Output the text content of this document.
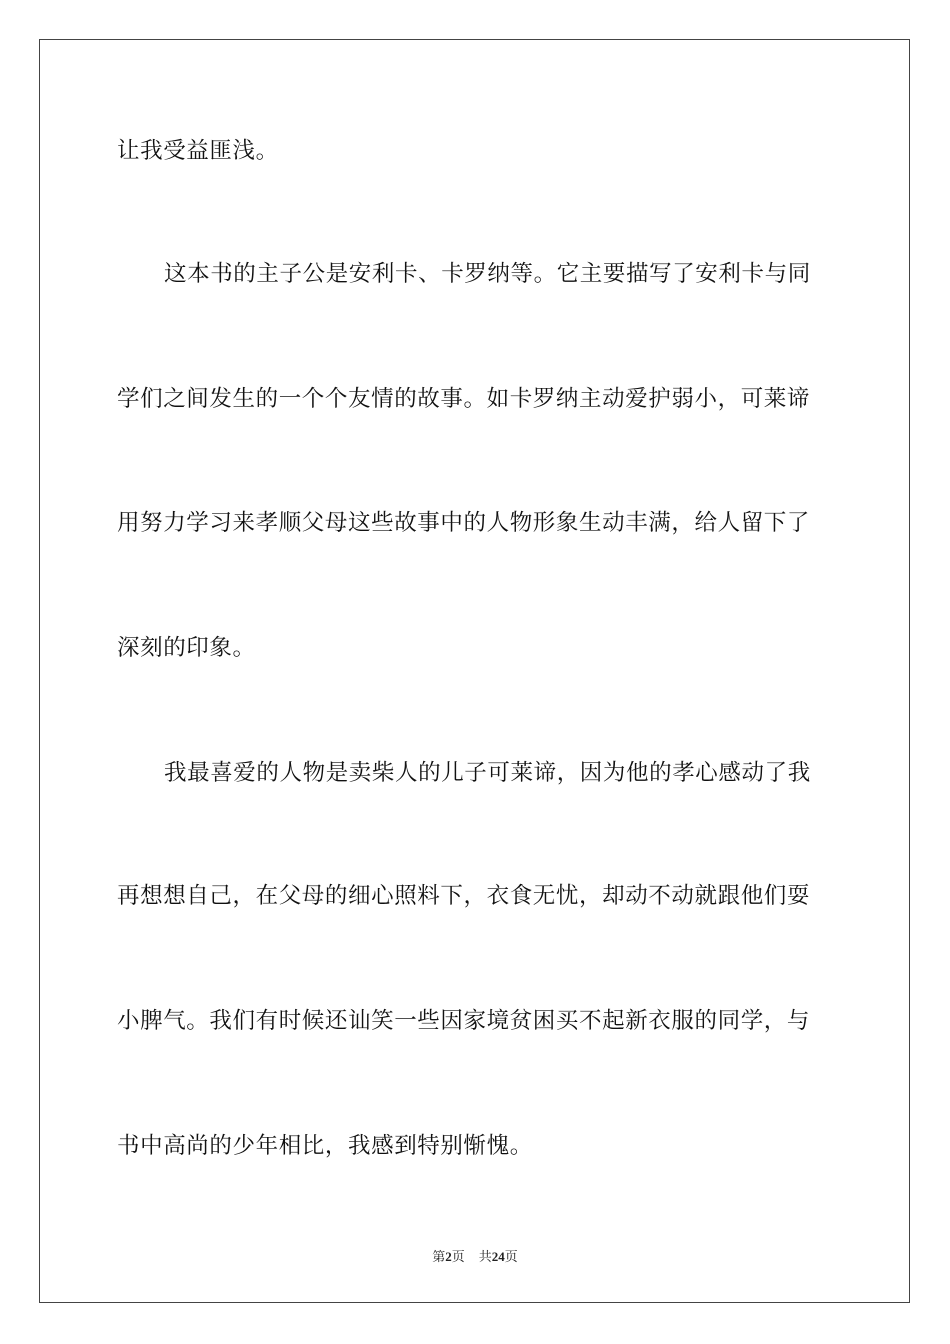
让我受益匪浅。
这本书的主子公是安利卡、卡罗纳等。它主要描写了安利卡与同
学们之间发生的一个个友情的故事。如卡罗纳主动爱护弱小，可莱谛
用努力学习来孝顺父母这些故事中的人物形象生动丰满，给人留下了
深刻的印象。
我最喜爱的人物是卖柴人的儿子可莱谛，因为他的孝心感动了我
再想想自己，在父母的细心照料下，衣食无忧，却动不动就跟他们耍
小脾气。我们有时候还讪笑一些因家境贫困买不起新衣服的同学，与
书中高尚的少年相比，我感到特别惭愧。
第2页 共24页
